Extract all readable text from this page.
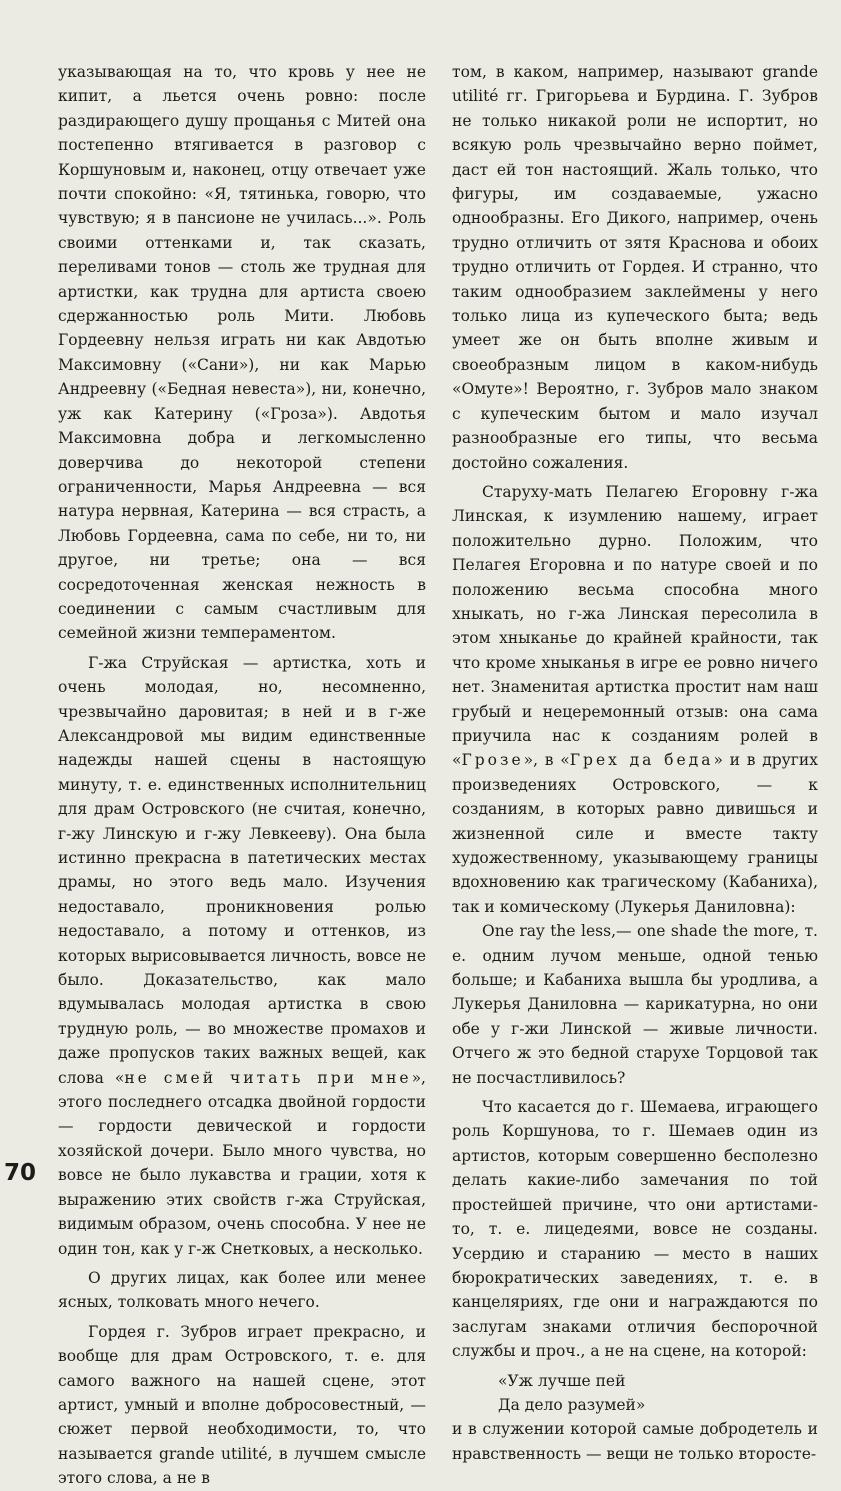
указывающая на то, что кровь у нее не кипит, а льется очень ровно: после раздирающего душу прощанья с Митей она постепенно втягивается в разговор с Коршуновым и, наконец, отцу отвечает уже почти спокойно: «Я, тятинька, говорю, что чувствую; я в пансионе не училась...». Роль своими оттенками и, так сказать, переливами тонов — столь же трудная для артистки, как трудна для артиста своею сдержанностью роль Мити. Любовь Гордеевну нельзя играть ни как Авдотью Максимовну («Сани»), ни как Марью Андреевну («Бедная невеста»), ни, конечно, уж как Катерину («Гроза»). Авдотья Максимовна добра и легкомысленно доверчива до некоторой степени ограниченности, Марья Андреевна — вся натура нервная, Катерина — вся страсть, а Любовь Гордеевна, сама по себе, ни то, ни другое, ни третье; она — вся сосредоточенная женская нежность в соединении с самым счастливым для семейной жизни темпераментом.

Г-жа Струйская — артистка, хоть и очень молодая, но, несомненно, чрезвычайно даровитая; в ней и в г-же Александровой мы видим единственные надежды нашей сцены в настоящую минуту, т. е. единственных исполнительниц для драм Островского (не считая, конечно, г-жу Линскую и г-жу Левкееву). Она была истинно прекрасна в патетических местах драмы, но этого ведь мало. Изучения недоставало, проникновения ролью недоставало, а потому и оттенков, из которых вырисовывается личность, вовсе не было. Доказательство, как мало вдумывалась молодая артистка в свою трудную роль, — во множестве промахов и даже пропусков таких важных вещей, как слова «не смей читать при мне», этого последнего отсадка двойной гордости — гордости девической и гордости хозяйской дочери. Было много чувства, но вовсе не было лукавства и грации, хотя к выражению этих свойств г-жа Струйская, видимым образом, очень способна. У нее не один тон, как у г-ж Снетковых, а несколько.

О других лицах, как более или менее ясных, толковать много нечего.

Гордея г. Зубров играет прекрасно, и вообще для драм Островского, т. е. для самого важного на нашей сцене, этот артист, умный и вполне добросовестный, — сюжет первой необходимости, то, что называется grande utilité, в лучшем смысле этого слова, а не в

том, в каком, например, называют grande utilité гг. Григорьева и Бурдина. Г. Зубров не только никакой роли не испортит, но всякую роль чрезвычайно верно поймет, даст ей тон настоящий. Жаль только, что фигуры, им создаваемые, ужасно однообразны. Его Дикого, например, очень трудно отличить от зятя Краснова и обоих трудно отличить от Гордея. И странно, что таким однообразием заклеймены у него только лица из купеческого быта; ведь умеет же он быть вполне живым и своеобразным лицом в каком-нибудь «Омуте»! Вероятно, г. Зубров мало знаком с купеческим бытом и мало изучал разнообразные его типы, что весьма достойно сожаления.

Старуху-мать Пелагею Егоровну г-жа Линская, к изумлению нашему, играет положительно дурно. Положим, что Пелагея Егоровна и по натуре своей и по положению весьма способна много хныкать, но г-жа Линская пересолила в этом хныканье до крайней крайности, так что кроме хныканья в игре ее ровно ничего нет. Знаменитая артистка простит нам наш грубый и нецеремонный отзыв: она сама приучила нас к созданиям ролей в «Грозе», в «Грех да беда» и в других произведениях Островского, — к созданиям, в которых равно дивишься и жизненной силе и вместе такту художественному, указывающему границы вдохновению как трагическому (Кабаниха), так и комическому (Лукерья Даниловна):

One ray the less,— one shade the more, т. е. одним лучом меньше, одной тенью больше; и Кабаниха вышла бы уродлива, а Лукерья Даниловна — карикатурна, но они обе у г-жи Линской — живые личности. Отчего ж это бедной старухе Торцовой так не посчастливилось?

Что касается до г. Шемаева, играющего роль Коршунова, то г. Шемаев один из артистов, которым совершенно бесполезно делать какие-либо замечания по той простейшей причине, что они артистами-то, т. е. лицедеями, вовсе не созданы. Усердию и старанию — место в наших бюрократических заведениях, т. е. в канцеляриях, где они и награждаются по заслугам знаками отличия беспорочной службы и проч., а не на сцене, на которой:

«Уж лучше пей

Да дело разумей»

и в служении которой самые добродетель и нравственность — вещи не только второсте-

70
